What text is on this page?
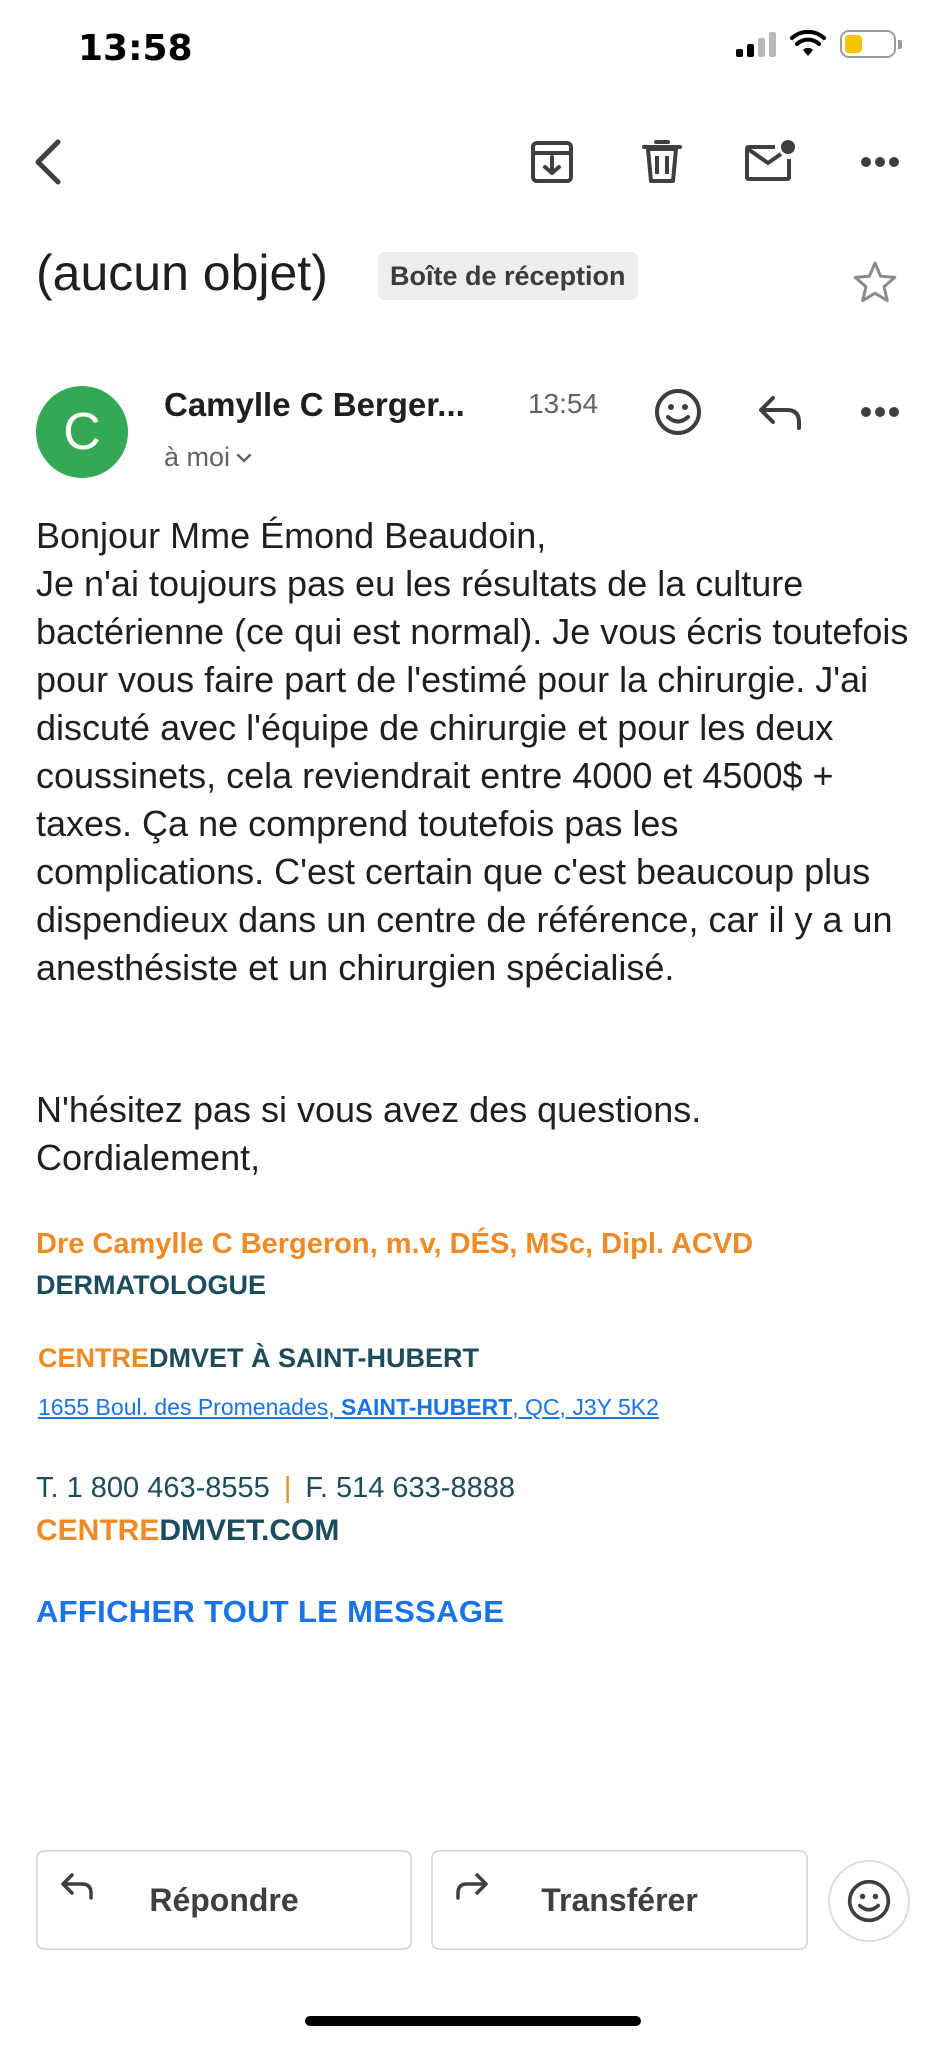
13:58
(aucun objet)	Boîte de réception
C	Camylle C Berger... 13:54
à moi
Bonjour Mme Émond Beaudoin,
Je n'ai toujours pas eu les résultats de la culture bactérienne (ce qui est normal). Je vous écris toutefois pour vous faire part de l'estimé pour la chirurgie. J'ai discuté avec l'équipe de chirurgie et pour les deux coussinets, cela reviendrait entre 4000 et 4500$ + taxes. Ça ne comprend toutefois pas les complications. C'est certain que c'est beaucoup plus dispendieux dans un centre de référence, car il y a un anesthésiste et un chirurgien spécialisé.
N'hésitez pas si vous avez des questions.
Cordialement,
Dre Camylle C Bergeron, m.v, DÉS, MSc, Dipl. ACVD
DERMATOLOGUE
CENTREDMVET À SAINT-HUBERT
1655 Boul. des Promenades, SAINT-HUBERT, QC, J3Y 5K2
T. 1 800 463-8555 | F. 514 633-8888
CENTREDMVET.COM
AFFICHER TOUT LE MESSAGE
Répondre	Transférer
